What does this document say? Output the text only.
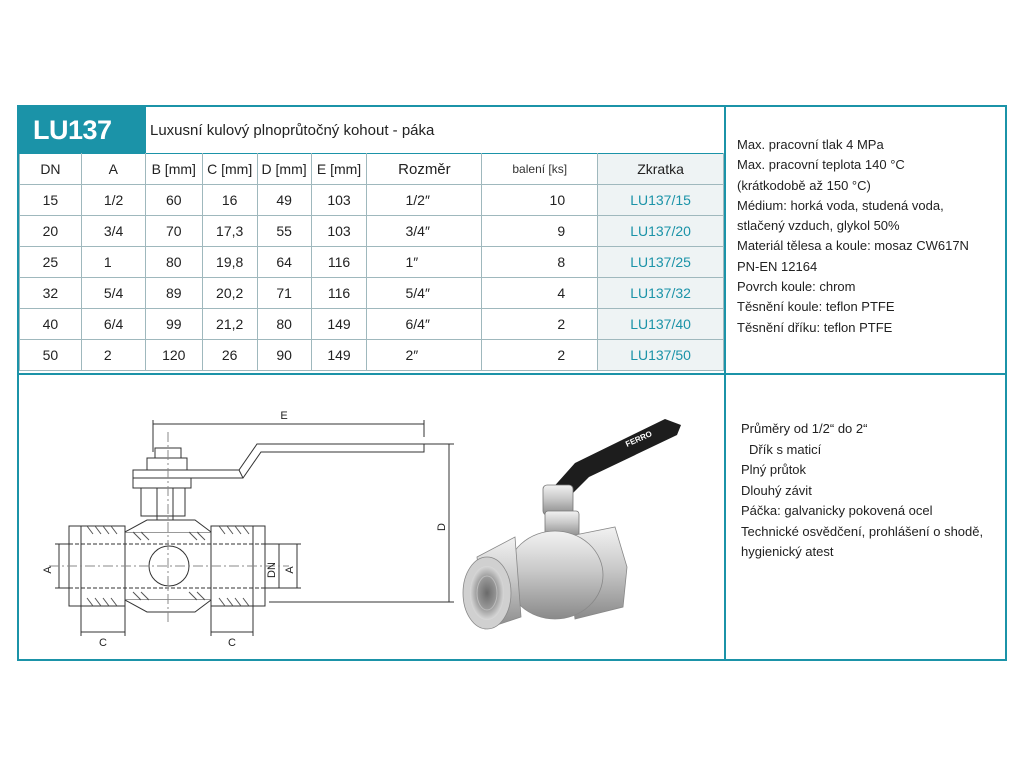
LU137	Luxusní kulový plnoprůtočný kohout - páka
DN	A	B [mm]	C [mm]	D [mm]	E [mm]	Rozměr	balení [ks]	Zkratka
15	1/2	60	16	49	103	1/2″	10	LU137/15
20	3/4	70	17,3	55	103	3/4″	9	LU137/20
25	1	80	19,8	64	116	1″	8	LU137/25
32	5/4	89	20,2	71	116	5/4″	4	LU137/32
40	6/4	99	21,2	80	149	6/4″	2	LU137/40
50	2	120	26	90	149	2″	2	LU137/50
Max. pracovní tlak 4 MPa
Max. pracovní teplota 140 °C
(krátkodobě až 150 °C)
Médium: horká voda, studená voda,
stlačený vzduch, glykol 50%
Materiál tělesa a koule: mosaz CW617N
PN-EN 12164
Povrch koule: chrom
Těsnění koule: teflon PTFE
Těsnění dříku: teflon PTFE
Průměry od 1/2“ do 2“
Dřík s maticí
Plný průtok
Dlouhý závit
Páčka: galvanicky pokovená ocel
Technické osvědčení, prohlášení o shodě,
hygienický atest
E
D
A	DN A
C	C
FERRO
